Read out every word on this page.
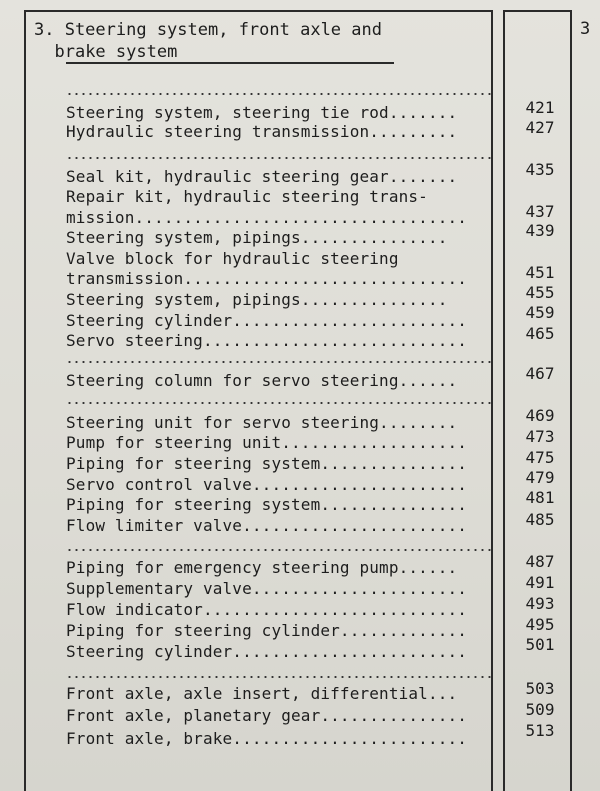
3. Steering system, front axle and
brake system
3
Steering system, steering tie rod.......	421
Hydraulic steering transmission.........	427
Seal kit, hydraulic steering gear.......	435
Repair kit, hydraulic steering trans-
mission..................................	437
Steering system, pipings...............	439
Valve block for hydraulic steering
transmission.............................	451
Steering system, pipings...............	455
Steering cylinder........................	459
Servo steering...........................	465
Steering column for servo steering......	467
Steering unit for servo steering........	469
Pump for steering unit...................	473
Piping for steering system...............	475
Servo control valve......................	479
Piping for steering system...............	481
Flow limiter valve.......................	485
Piping for emergency steering pump......	487
Supplementary valve......................	491
Flow indicator...........................	493
Piping for steering cylinder.............	495
Steering cylinder........................	501
Front axle, axle insert, differential...	503
Front axle, planetary gear...............	509
Front axle, brake........................	513
